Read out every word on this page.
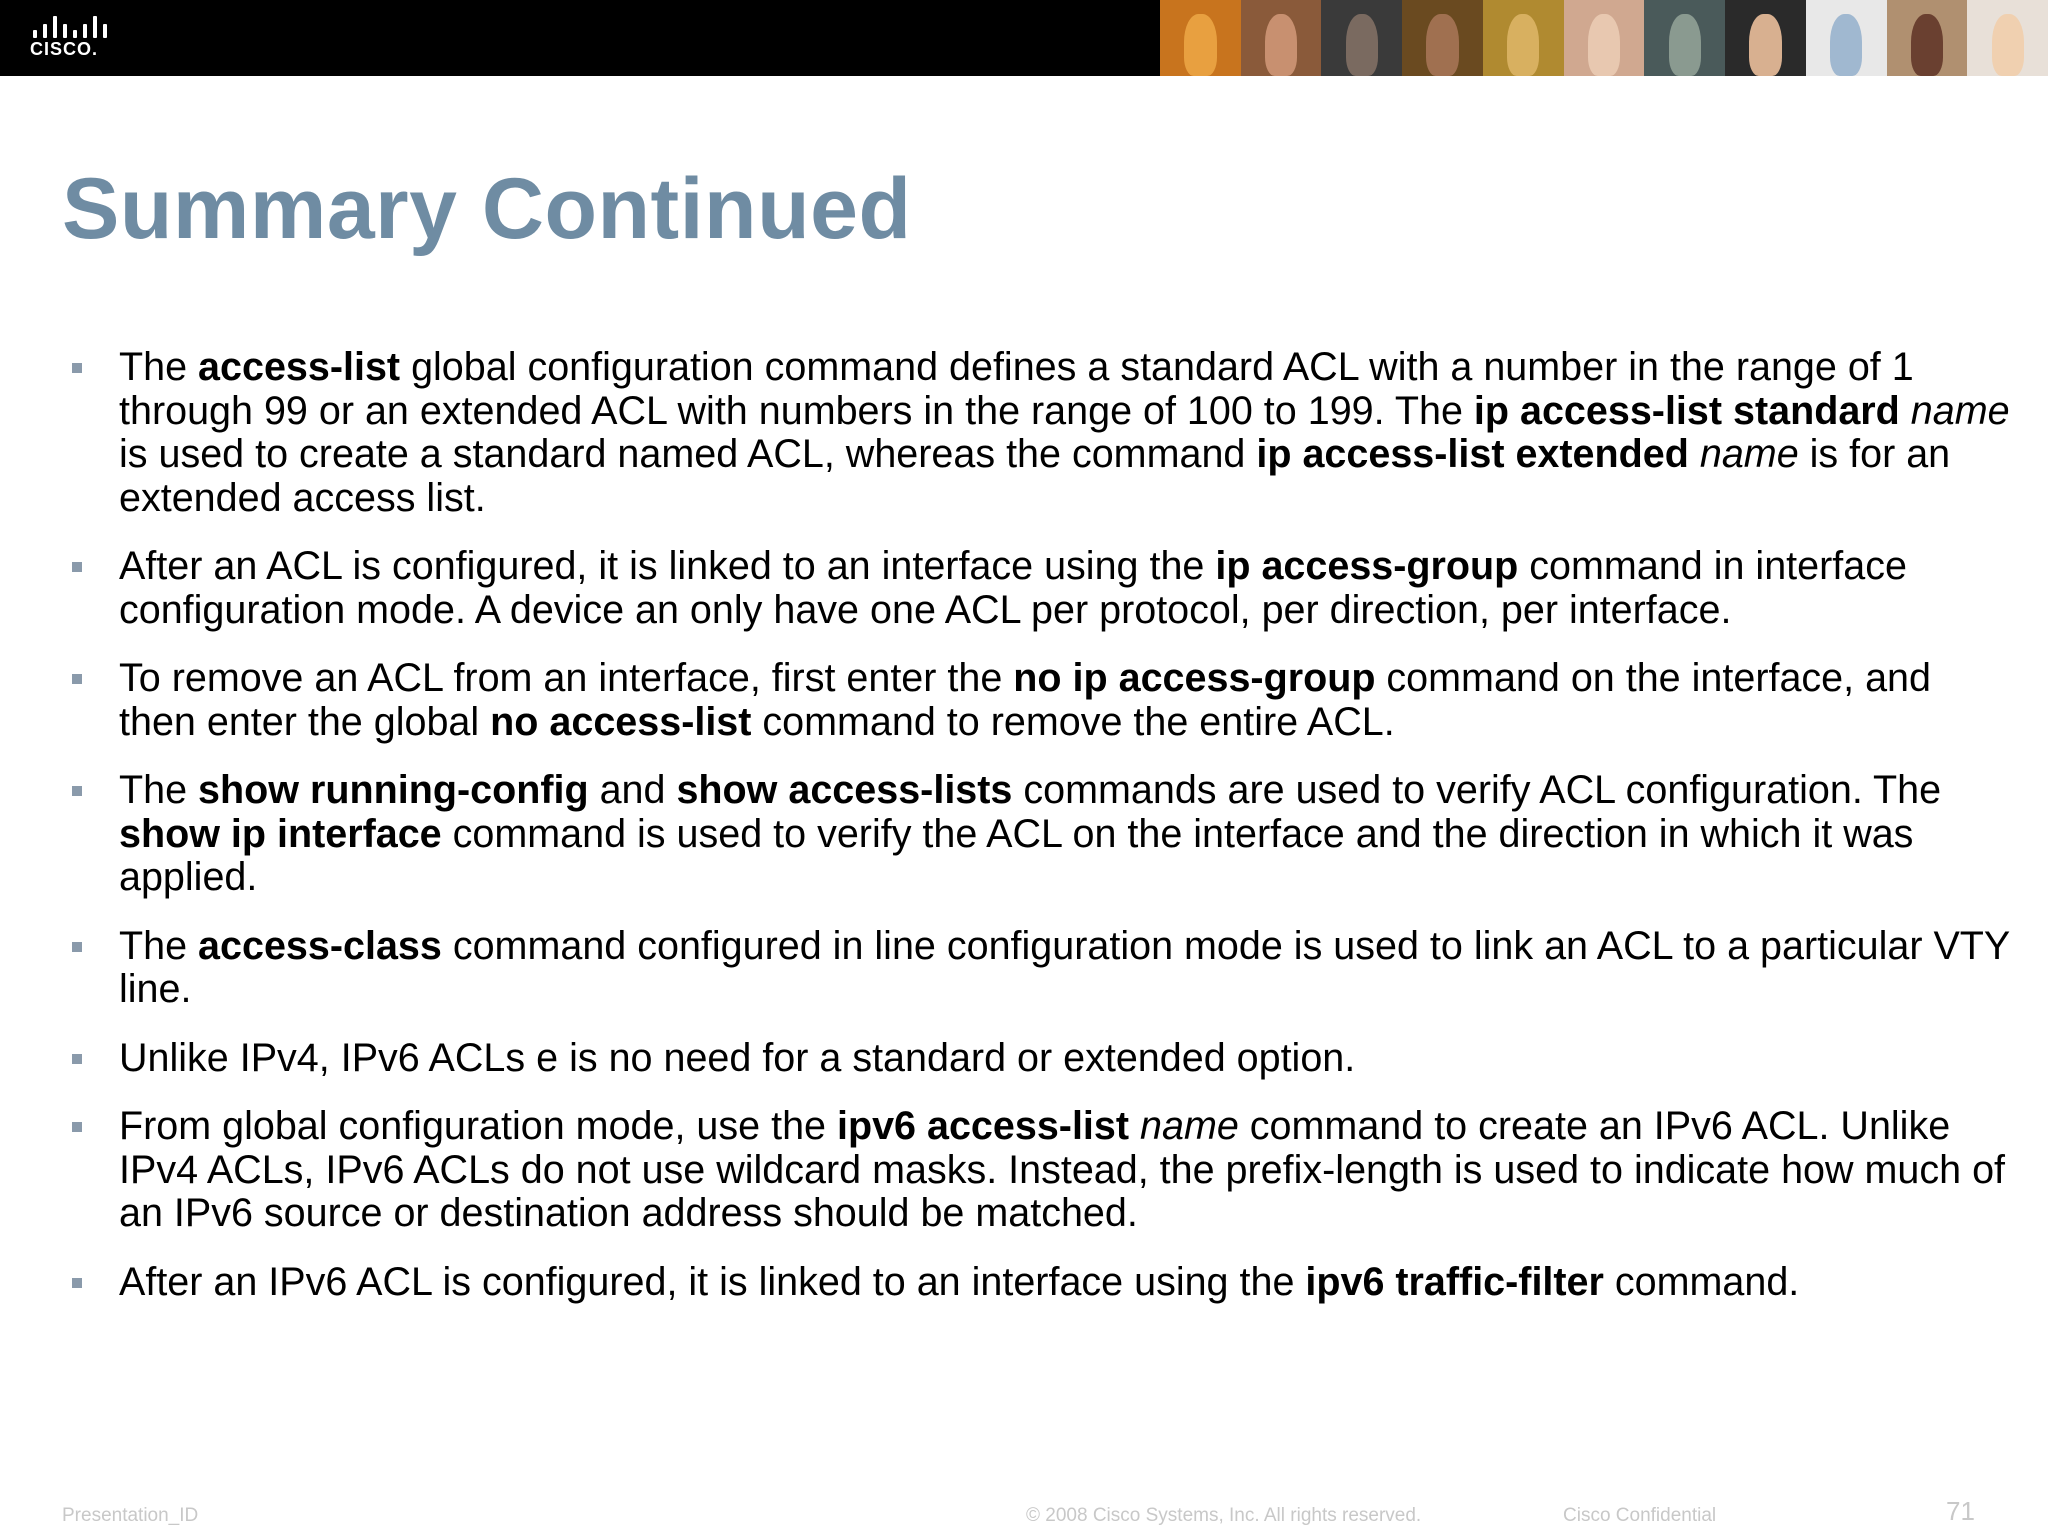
CISCO.
Summary Continued
The access-list global configuration command defines a standard ACL with a number in the range of 1 through 99 or an extended ACL with numbers in the range of 100 to 199. The ip access-list standard name is used to create a standard named ACL, whereas the command ip access-list extended name is for an extended access list.
After an ACL is configured, it is linked to an interface using the ip access-group command in interface configuration mode. A device an only have one ACL per protocol, per direction, per interface.
To remove an ACL from an interface, first enter the no ip access-group command on the interface, and then enter the global no access-list command to remove the entire ACL.
The show running-config and show access-lists commands are used to verify ACL configuration. The show ip interface command is used to verify the ACL on the interface and the direction in which it was applied.
The access-class command configured in line configuration mode is used to link an ACL to a particular VTY line.
Unlike IPv4, IPv6 ACLs e is no need for a standard or extended option.
From global configuration mode, use the ipv6 access-list name command to create an IPv6 ACL. Unlike IPv4 ACLs, IPv6 ACLs do not use wildcard masks. Instead, the prefix-length is used to indicate how much of an IPv6 source or destination address should be matched.
After an IPv6 ACL is configured, it is linked to an interface using the ipv6 traffic-filter command.
Presentation_ID	© 2008 Cisco Systems, Inc. All rights reserved.	Cisco Confidential	71
